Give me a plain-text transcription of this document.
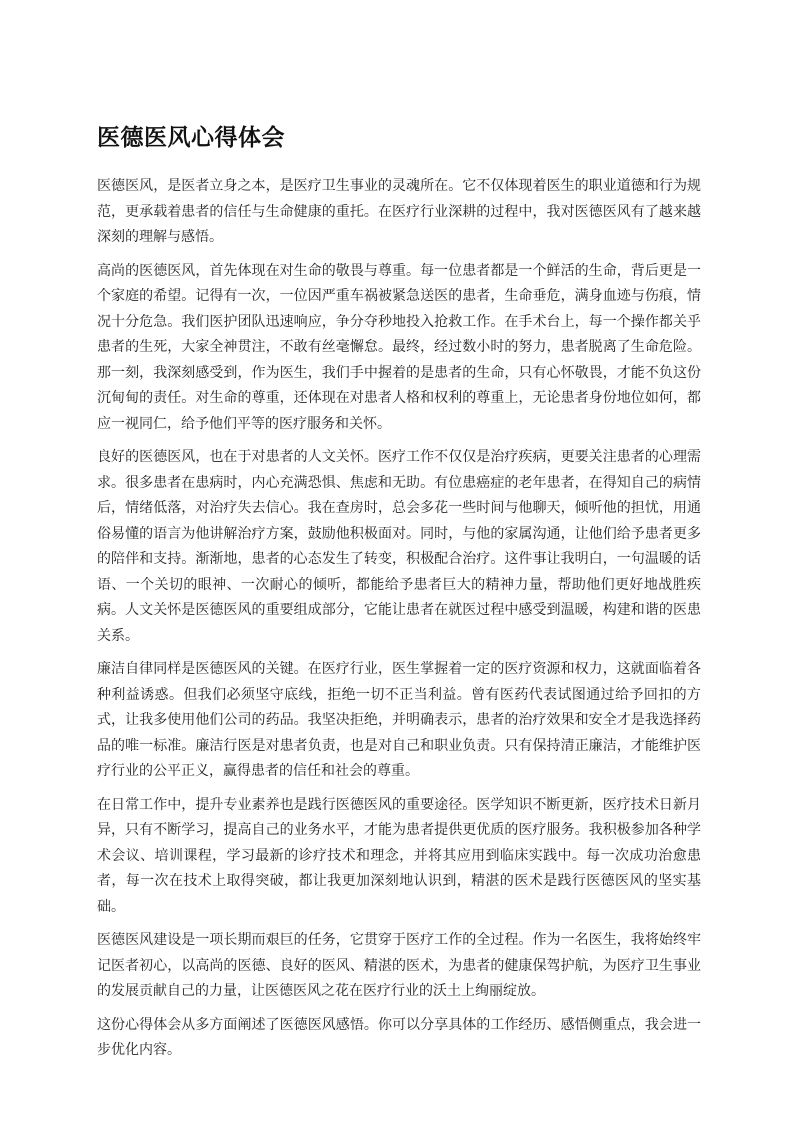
医德医风心得体会

医德医风，是医者立身之本，是医疗卫生事业的灵魂所在。它不仅体现着医生的职业道德和行为规范，更承载着患者的信任与生命健康的重托。在医疗行业深耕的过程中，我对医德医风有了越来越深刻的理解与感悟。

高尚的医德医风，首先体现在对生命的敬畏与尊重。每一位患者都是一个鲜活的生命，背后更是一个家庭的希望。记得有一次，一位因严重车祸被紧急送医的患者，生命垂危，满身血迹与伤痕，情况十分危急。我们医护团队迅速响应，争分夺秒地投入抢救工作。在手术台上，每一个操作都关乎患者的生死，大家全神贯注，不敢有丝毫懈怠。最终，经过数小时的努力，患者脱离了生命危险。那一刻，我深刻感受到，作为医生，我们手中握着的是患者的生命，只有心怀敬畏，才能不负这份沉甸甸的责任。对生命的尊重，还体现在对患者人格和权利的尊重上，无论患者身份地位如何，都应一视同仁，给予他们平等的医疗服务和关怀。

良好的医德医风，也在于对患者的人文关怀。医疗工作不仅仅是治疗疾病，更要关注患者的心理需求。很多患者在患病时，内心充满恐惧、焦虑和无助。有位患癌症的老年患者，在得知自己的病情后，情绪低落，对治疗失去信心。我在查房时，总会多花一些时间与他聊天，倾听他的担忧，用通俗易懂的语言为他讲解治疗方案，鼓励他积极面对。同时，与他的家属沟通，让他们给予患者更多的陪伴和支持。渐渐地，患者的心态发生了转变，积极配合治疗。这件事让我明白，一句温暖的话语、一个关切的眼神、一次耐心的倾听，都能给予患者巨大的精神力量，帮助他们更好地战胜疾病。人文关怀是医德医风的重要组成部分，它能让患者在就医过程中感受到温暖，构建和谐的医患关系。

廉洁自律同样是医德医风的关键。在医疗行业，医生掌握着一定的医疗资源和权力，这就面临着各种利益诱惑。但我们必须坚守底线，拒绝一切不正当利益。曾有医药代表试图通过给予回扣的方式，让我多使用他们公司的药品。我坚决拒绝，并明确表示，患者的治疗效果和安全才是我选择药品的唯一标准。廉洁行医是对患者负责，也是对自己和职业负责。只有保持清正廉洁，才能维护医疗行业的公平正义，赢得患者的信任和社会的尊重。

在日常工作中，提升专业素养也是践行医德医风的重要途径。医学知识不断更新，医疗技术日新月异，只有不断学习，提高自己的业务水平，才能为患者提供更优质的医疗服务。我积极参加各种学术会议、培训课程，学习最新的诊疗技术和理念，并将其应用到临床实践中。每一次成功治愈患者，每一次在技术上取得突破，都让我更加深刻地认识到，精湛的医术是践行医德医风的坚实基础。

医德医风建设是一项长期而艰巨的任务，它贯穿于医疗工作的全过程。作为一名医生，我将始终牢记医者初心，以高尚的医德、良好的医风、精湛的医术，为患者的健康保驾护航，为医疗卫生事业的发展贡献自己的力量，让医德医风之花在医疗行业的沃土上绚丽绽放。

这份心得体会从多方面阐述了医德医风感悟。你可以分享具体的工作经历、感悟侧重点，我会进一步优化内容。
